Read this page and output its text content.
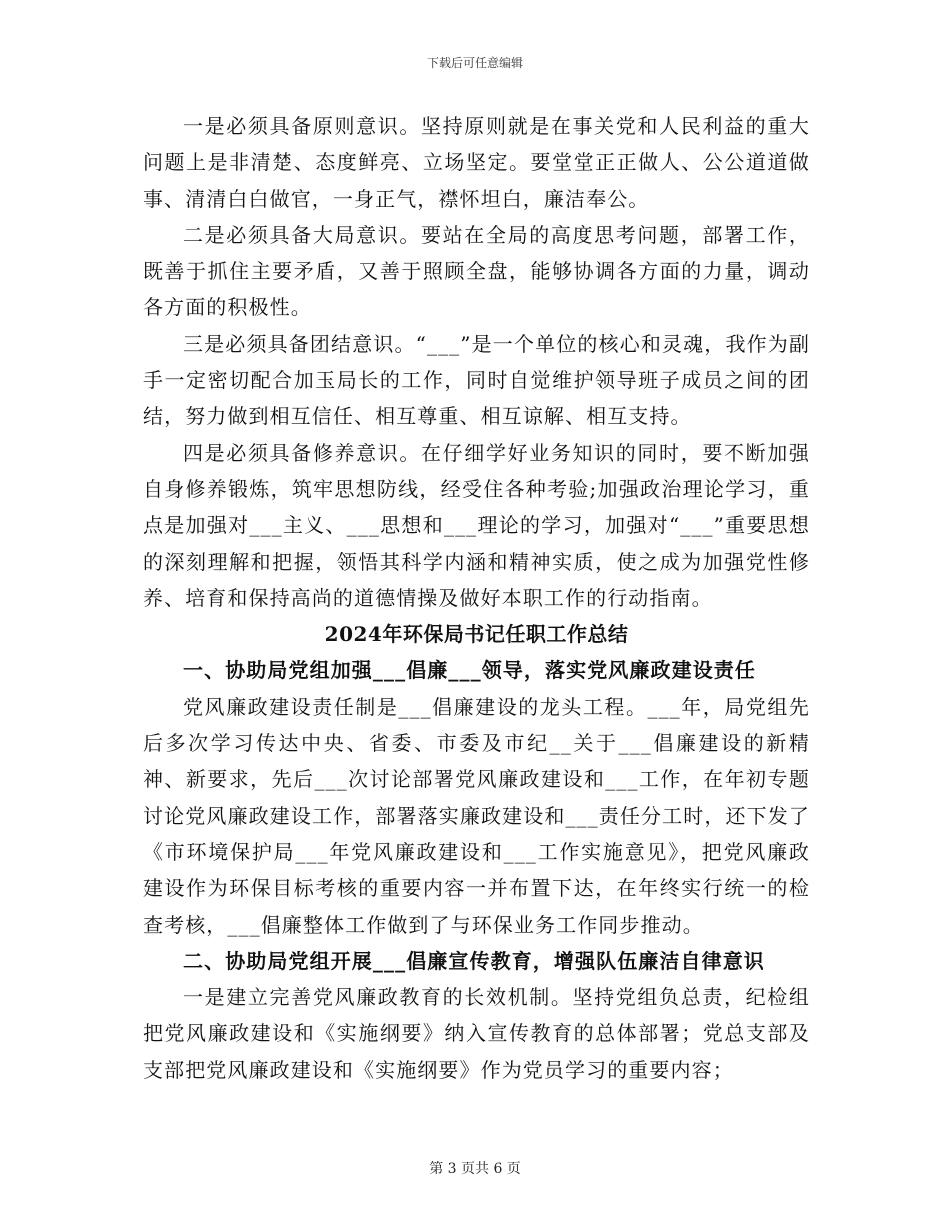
下载后可任意编辑

一是必须具备原则意识。坚持原则就是在事关党和人民利益的重大问题上是非清楚、态度鲜亮、立场坚定。要堂堂正正做人、公公道道做事、清清白白做官，一身正气，襟怀坦白，廉洁奉公。

二是必须具备大局意识。要站在全局的高度思考问题，部署工作，既善于抓住主要矛盾，又善于照顾全盘，能够协调各方面的力量，调动各方面的积极性。

三是必须具备团结意识。“___”是一个单位的核心和灵魂，我作为副手一定密切配合加玉局长的工作，同时自觉维护领导班子成员之间的团结，努力做到相互信任、相互尊重、相互谅解、相互支持。

四是必须具备修养意识。在仔细学好业务知识的同时，要不断加强自身修养锻炼，筑牢思想防线，经受住各种考验;加强政治理论学习，重点是加强对___主义、___思想和___理论的学习，加强对“___”重要思想的深刻理解和把握，领悟其科学内涵和精神实质，使之成为加强党性修养、培育和保持高尚的道德情操及做好本职工作的行动指南。

2024年环保局书记任职工作总结

一、协助局党组加强___倡廉___领导，落实党风廉政建设责任

党风廉政建设责任制是___倡廉建设的龙头工程。___年，局党组先后多次学习传达中央、省委、市委及市纪__关于___倡廉建设的新精神、新要求，先后___次讨论部署党风廉政建设和___工作，在年初专题讨论党风廉政建设工作，部署落实廉政建设和___责任分工时，还下发了《市环境保护局___年党风廉政建设和___工作实施意见》，把党风廉政建设作为环保目标考核的重要内容一并布置下达，在年终实行统一的检查考核，___倡廉整体工作做到了与环保业务工作同步推动。

二、协助局党组开展___倡廉宣传教育，增强队伍廉洁自律意识

一是建立完善党风廉政教育的长效机制。坚持党组负总责，纪检组把党风廉政建设和《实施纲要》纳入宣传教育的总体部署；党总支部及支部把党风廉政建设和《实施纲要》作为党员学习的重要内容；

第 3 页共 6 页
